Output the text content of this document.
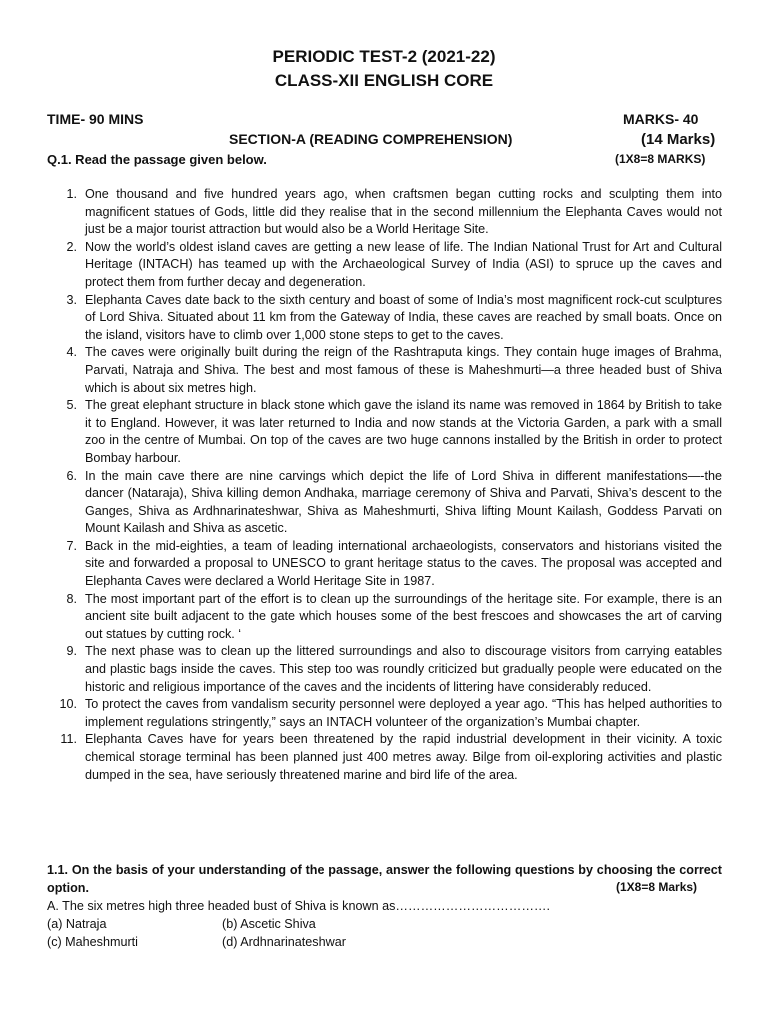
PERIODIC TEST-2 (2021-22)
CLASS-XII ENGLISH CORE
TIME- 90 MINS	MARKS- 40
SECTION-A (READING COMPREHENSION)	(14 Marks)
Q.1. Read the passage given below.	(1X8=8 MARKS)
1. One thousand and five hundred years ago, when craftsmen began cutting rocks and sculpting them into magnificent statues of Gods, little did they realise that in the second millennium the Elephanta Caves would not just be a major tourist attraction but would also be a World Heritage Site.
2. Now the world’s oldest island caves are getting a new lease of life. The Indian National Trust for Art and Cultural Heritage (INTACH) has teamed up with the Archaeological Survey of India (ASI) to spruce up the caves and protect them from further decay and degeneration.
3. Elephanta Caves date back to the sixth century and boast of some of India’s most magnificent rock-cut sculptures of Lord Shiva. Situated about 11 km from the Gateway of India, these caves are reached by small boats. Once on the island, visitors have to climb over 1,000 stone steps to get to the caves.
4. The caves were originally built during the reign of the Rashtraputa kings. They contain huge images of Brahma, Parvati, Natraja and Shiva. The best and most famous of these is Maheshmurti—a three headed bust of Shiva which is about six metres high.
5. The great elephant structure in black stone which gave the island its name was removed in 1864 by British to take it to England. However, it was later returned to India and now stands at the Victoria Garden, a park with a small zoo in the centre of Mumbai. On top of the caves are two huge cannons installed by the British in order to protect Bombay harbour.
6. In the main cave there are nine carvings which depict the life of Lord Shiva in different manifestations—-the dancer (Nataraja), Shiva killing demon Andhaka, marriage ceremony of Shiva and Parvati, Shiva’s descent to the Ganges, Shiva as Ardhnarinateshwar, Shiva as Maheshmurti, Shiva lifting Mount Kailash, Goddess Parvati on Mount Kailash and Shiva as ascetic.
7. Back in the mid-eighties, a team of leading international archaeologists, conservators and historians visited the site and forwarded a proposal to UNESCO to grant heritage status to the caves. The proposal was accepted and Elephanta Caves were declared a World Heritage Site in 1987.
8. The most important part of the effort is to clean up the surroundings of the heritage site. For example, there is an ancient site built adjacent to the gate which houses some of the best frescoes and showcases the art of carving out statues by cutting rock. ‘
9. The next phase was to clean up the littered surroundings and also to discourage visitors from carrying eatables and plastic bags inside the caves. This step too was roundly criticized but gradually people were educated on the historic and religious importance of the caves and the incidents of littering have considerably reduced.
10. To protect the caves from vandalism security personnel were deployed a year ago. “This has helped authorities to implement regulations stringently,” says an INTACH volunteer of the organization’s Mumbai chapter.
11. Elephanta Caves have for years been threatened by the rapid industrial development in their vicinity. A toxic chemical storage terminal has been planned just 400 metres away. Bilge from oil-exploring activities and plastic dumped in the sea, have seriously threatened marine and bird life of the area.
1.1. On the basis of your understanding of the passage, answer the following questions by choosing the correct option.	(1X8=8 Marks)
A. The six metres high three headed bust of Shiva is known as……………………………….
(a) Natraja	(b) Ascetic Shiva
(c) Maheshmurti	(d) Ardhnarinateshwar
